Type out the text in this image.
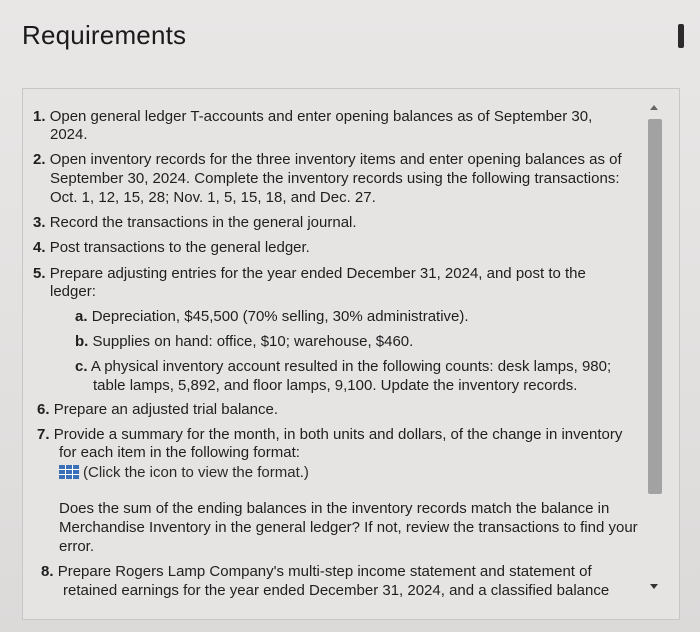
Requirements
1. Open general ledger T-accounts and enter opening balances as of September 30,
2024.
2. Open inventory records for the three inventory items and enter opening balances as of
September 30, 2024. Complete the inventory records using the following transactions:
Oct. 1, 12, 15, 28; Nov. 1, 5, 15, 18, and Dec. 27.
3. Record the transactions in the general journal.
4. Post transactions to the general ledger.
5. Prepare adjusting entries for the year ended December 31, 2024, and post to the
ledger:
a. Depreciation, $45,500 (70% selling, 30% administrative).
b. Supplies on hand: office, $10; warehouse, $460.
c. A physical inventory account resulted in the following counts: desk lamps, 980;
table lamps, 5,892, and floor lamps, 9,100. Update the inventory records.
6. Prepare an adjusted trial balance.
7. Provide a summary for the month, in both units and dollars, of the change in inventory
for each item in the following format:
(Click the icon to view the format.)
Does the sum of the ending balances in the inventory records match the balance in
Merchandise Inventory in the general ledger? If not, review the transactions to find your
error.
8. Prepare Rogers Lamp Company's multi-step income statement and statement of
retained earnings for the year ended December 31, 2024, and a classified balance
